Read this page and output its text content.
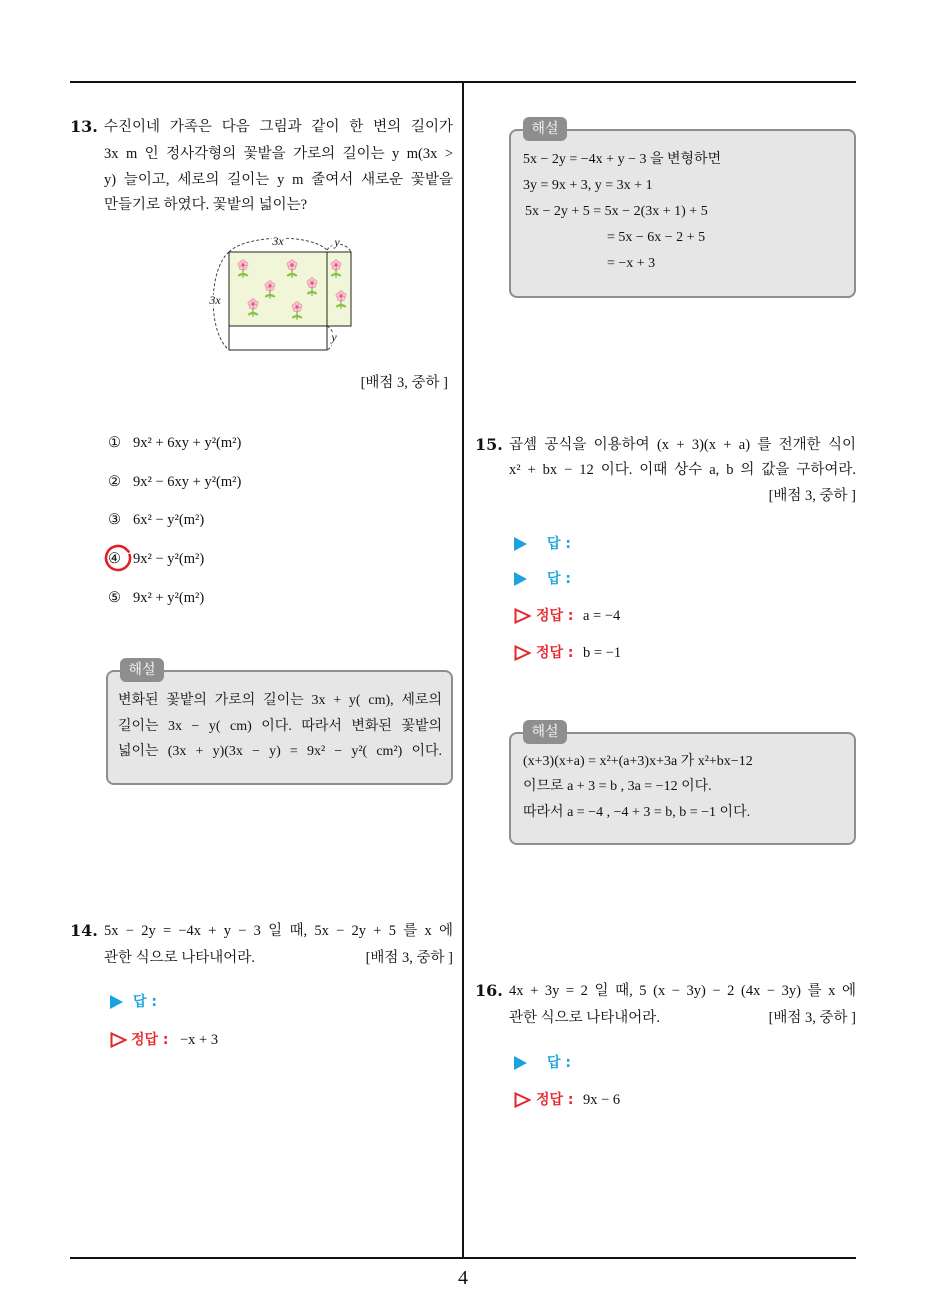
13. 수진이네 가족은 다음 그림과 같이 한 변의 길이가
3x m 인 정사각형의 꽃밭을 가로의 길이는 y m(3x >
y) 늘이고, 세로의 길이는 y m 줄여서 새로운 꽃밭을
만들기로 하였다. 꽃밭의 넓이는?
3x	y
3x
y
[배점 3, 중하 ]
① 9x² + 6xy + y²(m²)
② 9x² − 6xy + y²(m²)
③ 6x² − y²(m²)
④ 9x² − y²(m²)
⑤ 9x² + y²(m²)
해설
변화된 꽃밭의 가로의 길이는 3x + y( cm), 세로의
길이는 3x − y( cm) 이다. 따라서 변화된 꽃밭의
넓이는 (3x + y)(3x − y) = 9x² − y²( cm²) 이다.
14. 5x − 2y = −4x + y − 3 일 때, 5x − 2y + 5 를 x 에
관한 식으로 나타내어라.	[배점 3, 중하 ]
답 :
정답 : −x + 3
해설
5x − 2y = −4x + y − 3 을 변형하면
3y = 9x + 3, y = 3x + 1
5x − 2y + 5 = 5x − 2(3x + 1) + 5
= 5x − 6x − 2 + 5
= −x + 3
15. 곱셈 공식을 이용하여 (x + 3)(x + a) 를 전개한 식이
x² + bx − 12 이다. 이때 상수 a, b 의 값을 구하여라.
[배점 3, 중하 ]
답 :
답 :
정답 : a = −4
정답 : b = −1
해설
(x+3)(x+a) = x²+(a+3)x+3a 가 x²+bx−12
이므로 a + 3 = b , 3a = −12 이다.
따라서 a = −4 , −4 + 3 = b, b = −1 이다.
16. 4x + 3y = 2 일 때, 5 (x − 3y) − 2 (4x − 3y) 를 x 에
관한 식으로 나타내어라.	[배점 3, 중하 ]
답 :
정답 : 9x − 6
4
